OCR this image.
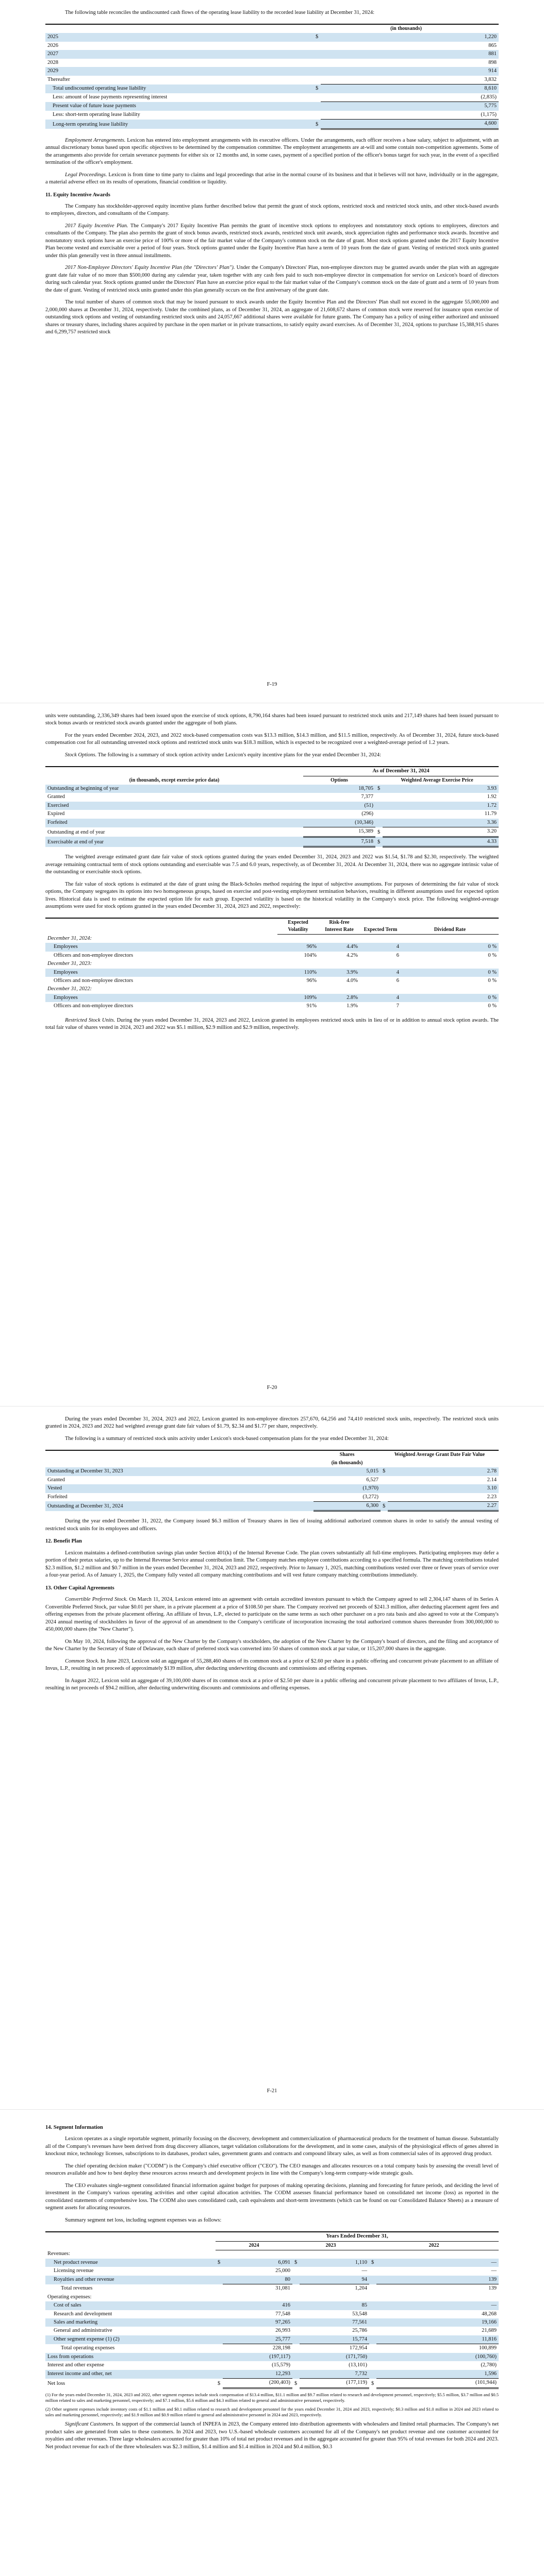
The following table reconciles the undiscounted cash flows of the operating lease liability to the recorded lease liability at December 31, 2024:

	(in thousands)	
2025	$	1,220
2026		865
2027		881
2028		898
2029		914
Thereafter		3,832
Total undiscounted operating lease liability	$	8,610
Less: amount of lease payments representing interest		(2,835)
Present value of future lease payments		5,775
Less: short-term operating lease liability		(1,175)
Long-term operating lease liability	$	4,600

Employment Arrangements. Lexicon has entered into employment arrangements with its executive officers. Under the arrangements, each officer receives a base salary, subject to adjustment, with an annual discretionary bonus based upon specific objectives to be determined by the compensation committee. The employment arrangements are at-will and some contain non-competition agreements. Some of the arrangements also provide for certain severance payments for either six or 12 months and, in some cases, payment of a specified portion of the officer's bonus target for such year, in the event of a specified termination of the officer's employment.

Legal Proceedings. Lexicon is from time to time party to claims and legal proceedings that arise in the normal course of its business and that it believes will not have, individually or in the aggregate, a material adverse effect on its results of operations, financial condition or liquidity.

11. Equity Incentive Awards

The Company has stockholder-approved equity incentive plans further described below that permit the grant of stock options, restricted stock and restricted stock units, and other stock-based awards to employees, directors, and consultants of the Company.

2017 Equity Incentive Plan. The Company's 2017 Equity Incentive Plan permits the grant of incentive stock options to employees and nonstatutory stock options to employees, directors and consultants of the Company. The plan also permits the grant of stock bonus awards, restricted stock awards, restricted stock unit awards, stock appreciation rights and performance stock awards. Incentive and nonstatutory stock options have an exercise price of 100% or more of the fair market value of the Company's common stock on the date of grant. Most stock options granted under the 2017 Equity Incentive Plan become vested and exercisable over a period of four years. Stock options granted under the Equity Incentive Plan have a term of 10 years from the date of grant. Vesting of restricted stock units granted under this plan generally vest in three annual installments.

2017 Non-Employee Directors' Equity Incentive Plan (the "Directors' Plan"). Under the Company's Directors' Plan, non-employee directors may be granted awards under the plan with an aggregate grant date fair value of no more than $500,000 during any calendar year, taken together with any cash fees paid to such non-employee director in compensation for service on Lexicon's board of directors during such calendar year. Stock options granted under the Directors' Plan have an exercise price equal to the fair market value of the Company's common stock on the date of grant and a term of 10 years from the date of grant. Vesting of restricted stock units granted under this plan generally occurs on the first anniversary of the grant date.

The total number of shares of common stock that may be issued pursuant to stock awards under the Equity Incentive Plan and the Directors' Plan shall not exceed in the aggregate 55,000,000 and 2,000,000 shares at December 31, 2024, respectively. Under the combined plans, as of December 31, 2024, an aggregate of 21,608,672 shares of common stock were reserved for issuance upon exercise of outstanding stock options and vesting of outstanding restricted stock units and 24,057,667 additional shares were available for future grants. The Company has a policy of using either authorized and unissued shares or treasury shares, including shares acquired by purchase in the open market or in private transactions, to satisfy equity award exercises. As of December 31, 2024, options to purchase 15,388,915 shares and 6,299,757 restricted stock

F-19

units were outstanding, 2,336,349 shares had been issued upon the exercise of stock options, 8,790,164 shares had been issued pursuant to restricted stock units and 217,149 shares had been issued pursuant to stock bonus awards or restricted stock awards granted under the aggregate of both plans.

For the years ended December 2024, 2023, and 2022 stock-based compensation costs was $13.3 million, $14.3 million, and $11.5 million, respectively. As of December 31, 2024, future stock-based compensation cost for all outstanding unvested stock options and restricted stock units was $18.3 million, which is expected to be recognized over a weighted-average period of 1.2 years.

Stock Options. The following is a summary of stock option activity under Lexicon's equity incentive plans for the year ended December 31, 2024:

	As of December 31, 2024		
(in thousands, except exercise price data)	Options	Weighted Average Exercise Price	
Outstanding at beginning of year	18,705	$	3.93
Granted	7,377		1.92
Exercised	(51)		1.72
Expired	(296)		11.79
Forfeited	(10,346)		3.36
Outstanding at end of year	15,389	$	3.20
Exercisable at end of year	7,518	$	4.33

The weighted average estimated grant date fair value of stock options granted during the years ended December 31, 2024, 2023 and 2022 was $1.54, $1.78 and $2.30, respectively. The weighted average remaining contractual term of stock options outstanding and exercisable was 7.5 and 6.0 years, respectively, as of December 31, 2024. At December 31, 2024, there was no aggregate intrinsic value of the outstanding or exercisable stock options.

The fair value of stock options is estimated at the date of grant using the Black-Scholes method requiring the input of subjective assumptions. For purposes of determining the fair value of stock options, the Company segregates its options into two homogeneous groups, based on exercise and post-vesting employment termination behaviors, resulting in different assumptions used for expected option lives. Historical data is used to estimate the expected option life for each group. Expected volatility is based on the historical volatility in the Company's stock price. The following weighted-average assumptions were used for stock options granted in the years ended December 31, 2024, 2023 and 2022, respectively:

	Expected Volatility	Risk-free Interest Rate	Expected Term	Dividend Rate
December 31, 2024:				
Employees	96%	4.4%	4	0 %
Officers and non-employee directors	104%	4.2%	6	0 %
December 31, 2023:				
Employees	110%	3.9%	4	0 %
Officers and non-employee directors	96%	4.0%	6	0 %
December 31, 2022:				
Employees	109%	2.8%	4	0 %
Officers and non-employee directors	91%	1.9%	7	0 %

Restricted Stock Units. During the years ended December 31, 2024, 2023 and 2022, Lexicon granted its employees restricted stock units in lieu of or in addition to annual stock option awards. The total fair value of shares vested in 2024, 2023 and 2022 was $5.1 million, $2.9 million and $2.9 million, respectively.

F-20

During the years ended December 31, 2024, 2023 and 2022, Lexicon granted its non-employee directors 257,670, 64,256 and 74,410 restricted stock units, respectively. The restricted stock units granted in 2024, 2023 and 2022 had weighted average grant date fair values of $1.79, $2.34 and $1.77 per share, respectively.

The following is a summary of restricted stock units activity under Lexicon's stock-based compensation plans for the year ended December 31, 2024:

	Shares	Weighted Average Grant Date Fair Value	
	(in thousands)		
Outstanding at December 31, 2023	5,015	$	2.78
Granted	6,527		2.14
Vested	(1,970)		3.10
Forfeited	(3,272)		2.23
Outstanding at December 31, 2024	6,300	$	2.27

During the year ended December 31, 2022, the Company issued $6.3 million of Treasury shares in lieu of issuing additional authorized common shares in order to satisfy the annual vesting of restricted stock units for its employees and officers.

12. Benefit Plan

Lexicon maintains a defined-contribution savings plan under Section 401(k) of the Internal Revenue Code. The plan covers substantially all full-time employees. Participating employees may defer a portion of their pretax salaries, up to the Internal Revenue Service annual contribution limit. The Company matches employee contributions according to a specified formula. The matching contributions totaled $2.3 million, $1.2 million and $0.7 million in the years ended December 31, 2024, 2023 and 2022, respectively. Prior to January 1, 2025, matching contributions vested over three or fewer years of service over a four-year period. As of January 1, 2025, the Company fully vested all company matching contributions and will vest future company matching contributions immediately.

13. Other Capital Agreements

Convertible Preferred Stock. On March 11, 2024, Lexicon entered into an agreement with certain accredited investors pursuant to which the Company agreed to sell 2,304,147 shares of its Series A Convertible Preferred Stock, par value $0.01 per share, in a private placement at a price of $108.50 per share. The Company received net proceeds of $241.3 million, after deducting placement agent fees and offering expenses from the private placement offering. An affiliate of Invus, L.P., elected to participate on the same terms as such other purchaser on a pro rata basis and also agreed to vote at the Company's 2024 annual meeting of stockholders in favor of the approval of an amendment to the Company's certificate of incorporation increasing the total authorized common shares thereunder from 300,000,000 to 450,000,000 shares (the "New Charter").

On May 10, 2024, following the approval of the New Charter by the Company's stockholders, the adoption of the New Charter by the Company's board of directors, and the filing and acceptance of the New Charter by the Secretary of State of Delaware, each share of preferred stock was converted into 50 shares of common stock at par value, or 115,207,000 shares in the aggregate.

Common Stock. In June 2023, Lexicon sold an aggregate of 55,288,460 shares of its common stock at a price of $2.60 per share in a public offering and concurrent private placement to an affiliate of Invus, L.P., resulting in net proceeds of approximately $139 million, after deducting underwriting discounts and commissions and offering expenses.

In August 2022, Lexicon sold an aggregate of 39,100,000 shares of its common stock at a price of $2.50 per share in a public offering and concurrent private placement to two affiliates of Invus, L.P., resulting in net proceeds of $94.2 million, after deducting underwriting discounts and commissions and offering expenses.

F-21
14. Segment Information

Lexicon operates as a single reportable segment, primarily focusing on the discovery, development and commercialization of pharmaceutical products for the treatment of human disease. Substantially all of the Company's revenues have been derived from drug discovery alliances, target validation collaborations for the development, and in some cases, analysis of the physiological effects of genes altered in knockout mice, technology licenses, subscriptions to its databases, product sales, government grants and contracts and compound library sales, as well as from commercial sales of its approved drug product.

The chief operating decision maker ("CODM") is the Company's chief executive officer ("CEO"). The CEO manages and allocates resources on a total company basis by assessing the overall level of resources available and how to best deploy these resources across research and development projects in line with the Company's long-term company-wide strategic goals.

The CEO evaluates single-segment consolidated financial information against budget for purposes of making operating decisions, planning and forecasting for future periods, and deciding the level of investment in the Company's various operating activities and other capital allocation activities. The CODM assesses financial performance based on consolidated net income (loss) as reported in the consolidated statements of comprehensive loss. The CODM also uses consolidated cash, cash equivalents and short-term investments (which can be found on our Consolidated Balance Sheets) as a measure of segment assets for allocating resources.

Summary segment net loss, including segment expenses was as follows:

	Years Ended December 31,					
	2024		2023		2022	
Revenues:						
Net product revenue	$	6,091	$	1,110	$	—
Licensing revenue		25,000		—		—
Royalties and other revenue		80		94		139
Total revenues		31,081		1,204		139
Operating expenses:						
Cost of sales		416		85		—
Research and development		77,548		53,548		48,268
Sales and marketing		97,265		77,561		19,166
General and administrative		26,993		25,786		21,689
Other segment expense (1) (2)		25,777		15,774		11,816
Total operating expenses		228,198		172,954		100,899
Loss from operations		(197,117)		(171,750)		(100,760)
Interest and other expense		(15,579)		(13,101)		(2,780)
Interest income and other, net		12,293		7,732		1,596
Net loss	$	(200,403)	$	(177,119)	$	(101,944)
(1) For the years ended December 31, 2024, 2023 and 2022, other segment expenses include stock compensation of $13.4 million, $11.1 million and $9.7 million related to research and development personnel, respectively; $5.5 million, $3.7 million and $0.5 million related to sales and marketing personnel, respectively; and $7.1 million, $5.6 million and $4.3 million related to general and administrative personnel, respectively.
(2) Other segment expenses include inventory costs of $1.1 million and $0.1 million related to research and development personnel for the years ended December 31, 2024 and 2023, respectively; $0.3 million and $1.0 million in 2024 and 2023 related to sales and marketing personnel, respectively; and $1.9 million and $0.9 million related to general and administrative personnel in 2024 and 2023, respectively.

Significant Customers. In support of the commercial launch of INPEFA in 2023, the Company entered into distribution agreements with wholesalers and limited retail pharmacies. The Company's net product sales are generated from sales to these customers. In 2024 and 2023, two U.S.-based wholesale customers accounted for all of the Company's net product revenue and one customer accounted for royalties and other revenues. Three large wholesalers accounted for greater than 10% of total net product revenues and in the aggregate accounted for greater than 95% of total revenues for both 2024 and 2023. Net product revenue for each of the three wholesalers was $2.3 million, $1.4 million and $1.4 million in 2024 and $0.4 million, $0.3
